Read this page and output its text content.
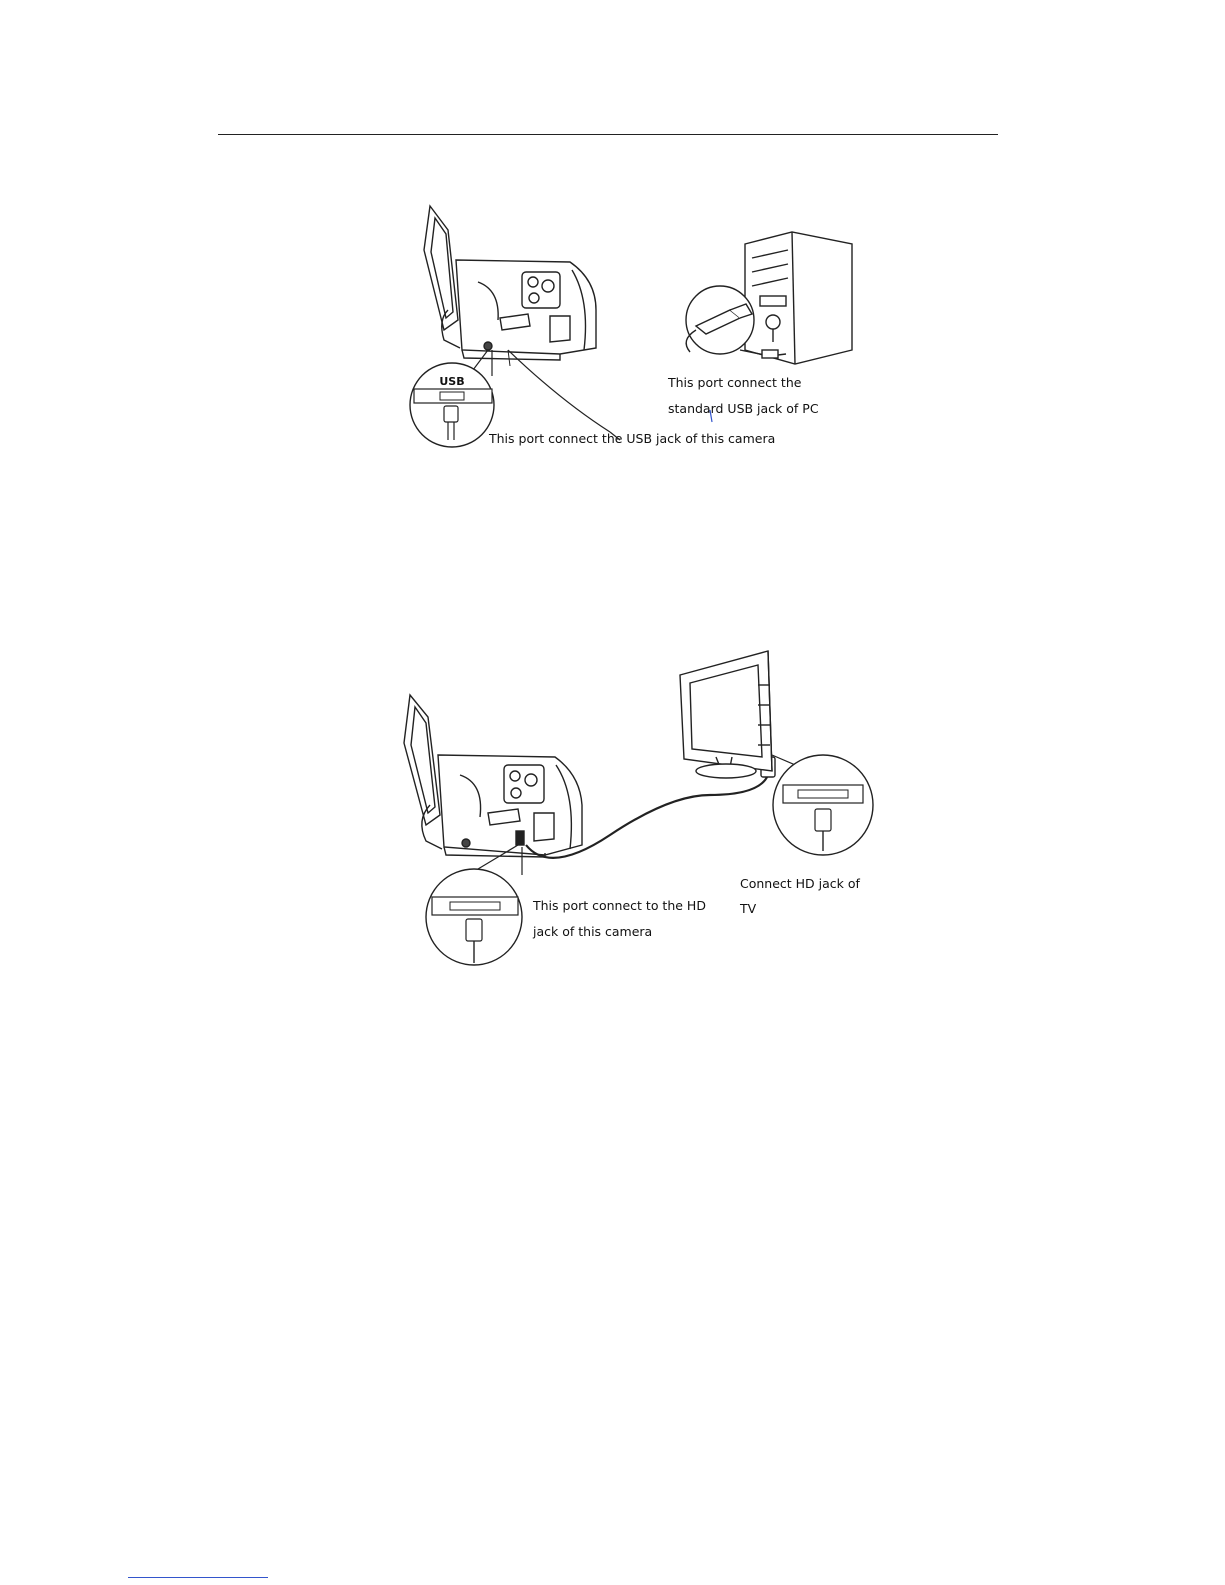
USB	This port connect the
standard USB jack of PC
This port connect the USB jack of this camera
This port connect to the HD
jack of this camera
Connect HD jack of
TV
